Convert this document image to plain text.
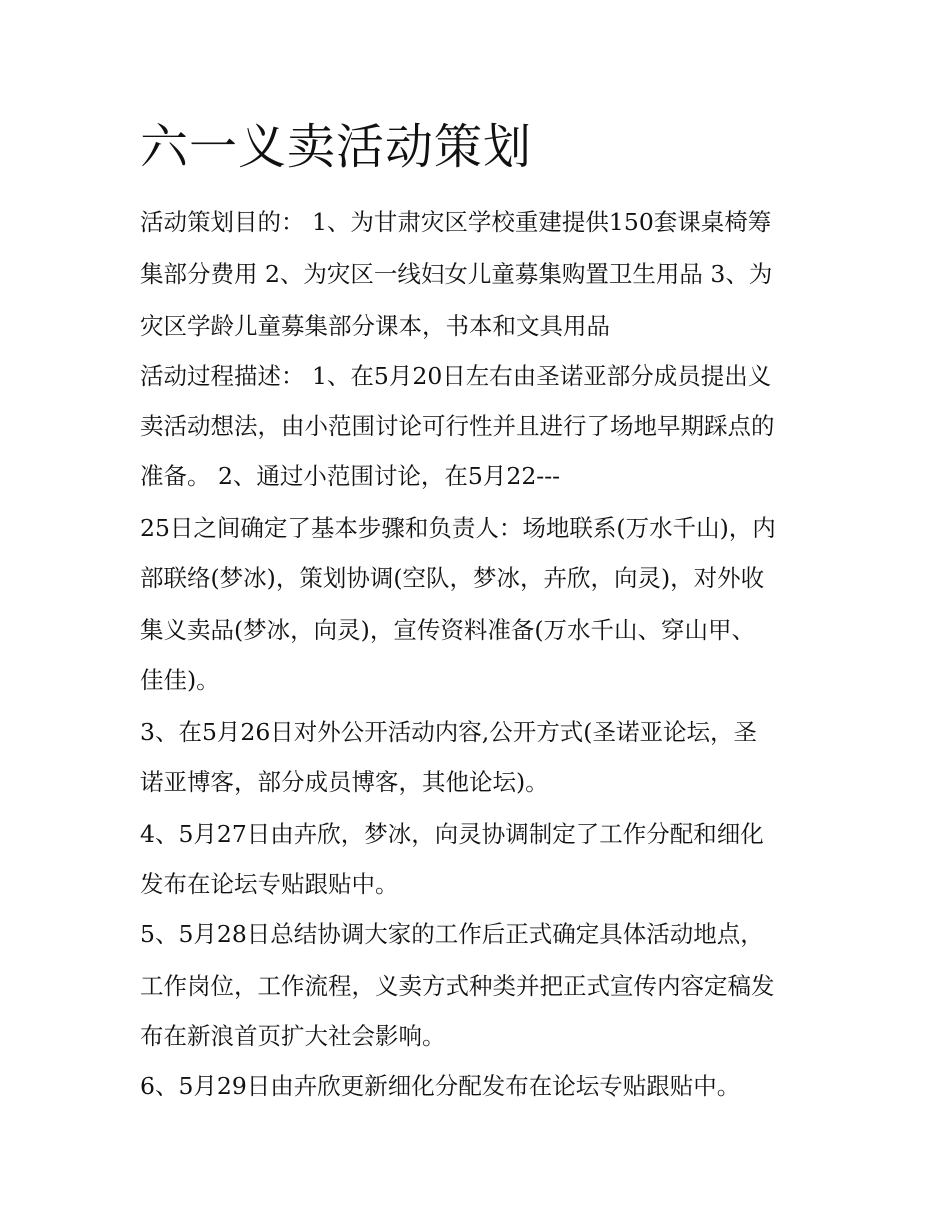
六一义卖活动策划

活动策划目的： 1、为甘肃灾区学校重建提供150套课桌椅筹

集部分费用 2、为灾区一线妇女儿童募集购置卫生用品 3、为

灾区学龄儿童募集部分课本，书本和文具用品

活动过程描述： 1、在5月20日左右由圣诺亚部分成员提出义

卖活动想法，由小范围讨论可行性并且进行了场地早期踩点的

准备。 2、通过小范围讨论，在5月22---

25日之间确定了基本步骤和负责人：场地联系(万水千山)，内

部联络(梦冰)，策划协调(空队，梦冰，卉欣，向灵)，对外收

集义卖品(梦冰，向灵)，宣传资料准备(万水千山、穿山甲、

佳佳)。

3、在5月26日对外公开活动内容,公开方式(圣诺亚论坛，圣

诺亚博客，部分成员博客，其他论坛)。

4、5月27日由卉欣，梦冰，向灵协调制定了工作分配和细化

发布在论坛专贴跟贴中。

5、5月28日总结协调大家的工作后正式确定具体活动地点，

工作岗位，工作流程，义卖方式种类并把正式宣传内容定稿发

布在新浪首页扩大社会影响。

6、5月29日由卉欣更新细化分配发布在论坛专贴跟贴中。
